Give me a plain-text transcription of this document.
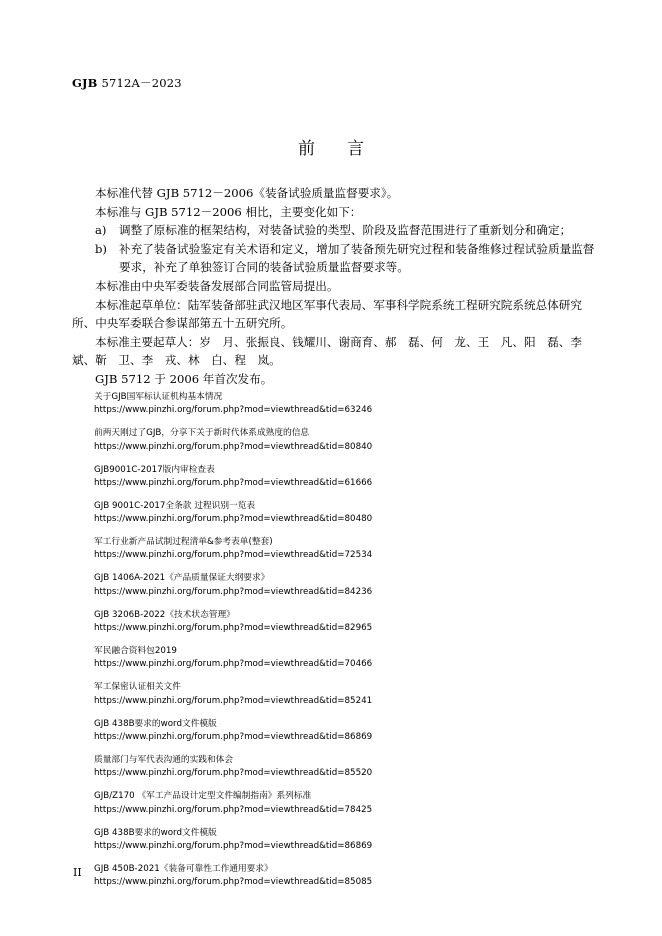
GJB 5712A－2023
前言

本标准代替 GJB 5712－2006《装备试验质量监督要求》。

本标准与 GJB 5712－2006 相比，主要变化如下：

a) 调整了原标准的框架结构，对装备试验的类型、阶段及监督范围进行了重新划分和确定；

b) 补充了装备试验鉴定有关术语和定义，增加了装备预先研究过程和装备维修过程试验质量监督要求，补充了单独签订合同的装备试验质量监督要求等。

本标准由中央军委装备发展部合同监管局提出。

本标准起草单位：陆军装备部驻武汉地区军事代表局、军事科学院系统工程研究院系统总体研究所、中央军委联合参谋部第五十五研究所。

本标准主要起草人：岁　月、张振良、钱耀川、谢商育、郝　磊、何　龙、王　凡、阳　磊、李　斌、靳　卫、李　戎、林　白、程　岚。

GJB 5712 于 2006 年首次发布。

关于GJB国军标认证机构基本情况
https://www.pinzhi.org/forum.php?mod=viewthread&tid=63246
前两天刚过了GJB，分享下关于新时代体系成熟度的信息
https://www.pinzhi.org/forum.php?mod=viewthread&tid=80840
GJB9001C-2017版内审检查表
https://www.pinzhi.org/forum.php?mod=viewthread&tid=61666
GJB 9001C-2017全条款 过程识别一览表
https://www.pinzhi.org/forum.php?mod=viewthread&tid=80480
军工行业新产品试制过程清单&参考表单(整套)
https://www.pinzhi.org/forum.php?mod=viewthread&tid=72534
GJB 1406A-2021《产品质量保证大纲要求》
https://www.pinzhi.org/forum.php?mod=viewthread&tid=84236
GJB 3206B-2022《技术状态管理》
https://www.pinzhi.org/forum.php?mod=viewthread&tid=82965
军民融合资料包2019
https://www.pinzhi.org/forum.php?mod=viewthread&tid=70466
军工保密认证相关文件
https://www.pinzhi.org/forum.php?mod=viewthread&tid=85241
GJB 438B要求的word文件模版
https://www.pinzhi.org/forum.php?mod=viewthread&tid=86869
质量部门与军代表沟通的实践和体会
https://www.pinzhi.org/forum.php?mod=viewthread&tid=85520
GJB/Z170 《军工产品设计定型文件编制指南》系列标准
https://www.pinzhi.org/forum.php?mod=viewthread&tid=78425
GJB 438B要求的word文件模版
https://www.pinzhi.org/forum.php?mod=viewthread&tid=86869
GJB 450B-2021《装备可靠性工作通用要求》
https://www.pinzhi.org/forum.php?mod=viewthread&tid=85085
II
